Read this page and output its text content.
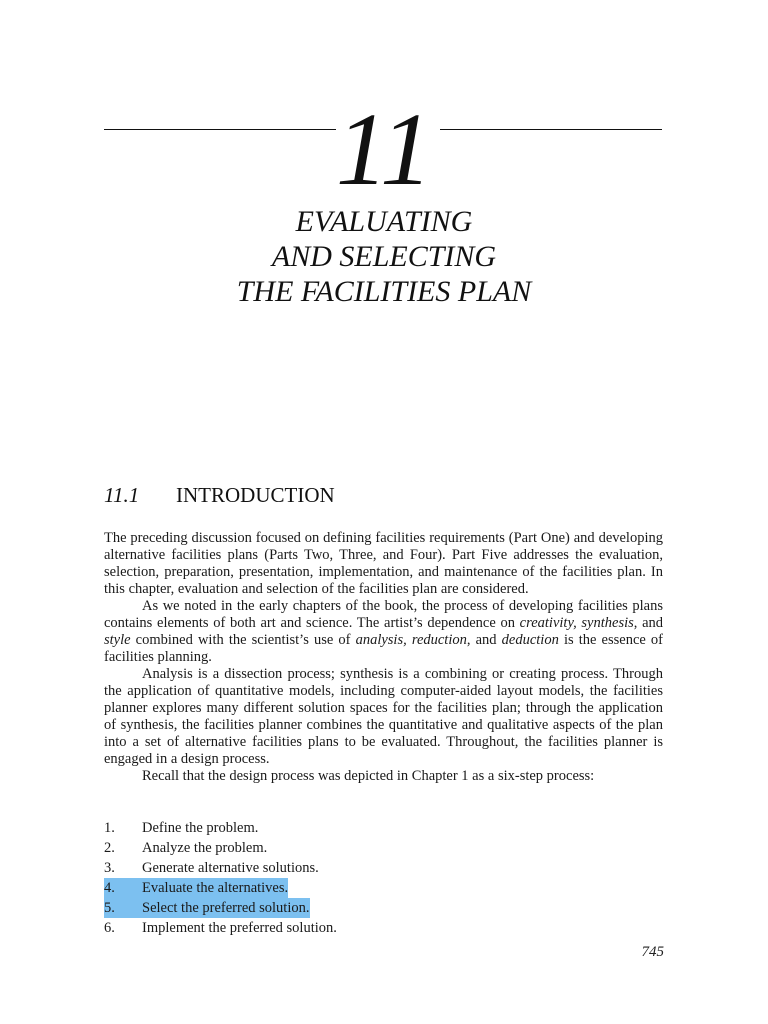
11
EVALUATING
AND SELECTING
THE FACILITIES PLAN
11.1 INTRODUCTION

The preceding discussion focused on defining facilities requirements (Part One) and developing alternative facilities plans (Parts Two, Three, and Four). Part Five addresses the evaluation, selection, preparation, presentation, implementation, and maintenance of the facilities plan. In this chapter, evaluation and selection of the facilities plan are considered.

As we noted in the early chapters of the book, the process of developing facilities plans contains elements of both art and science. The artist’s dependence on creativity, synthesis, and style combined with the scientist’s use of analysis, reduction, and deduction is the essence of facilities planning.

Analysis is a dissection process; synthesis is a combining or creating process. Through the application of quantitative models, including computer-aided layout models, the facilities planner explores many different solution spaces for the facilities plan; through the application of synthesis, the facilities planner combines the quantitative and qualitative aspects of the plan into a set of alternative facilities plans to be evaluated. Throughout, the facilities planner is engaged in a design process.

Recall that the design process was depicted in Chapter 1 as a six-step process:

1.	Define the problem.
2.	Analyze the problem.
3.	Generate alternative solutions.
4.	Evaluate the alternatives.
5.	Select the preferred solution.
6.	Implement the preferred solution.
745
